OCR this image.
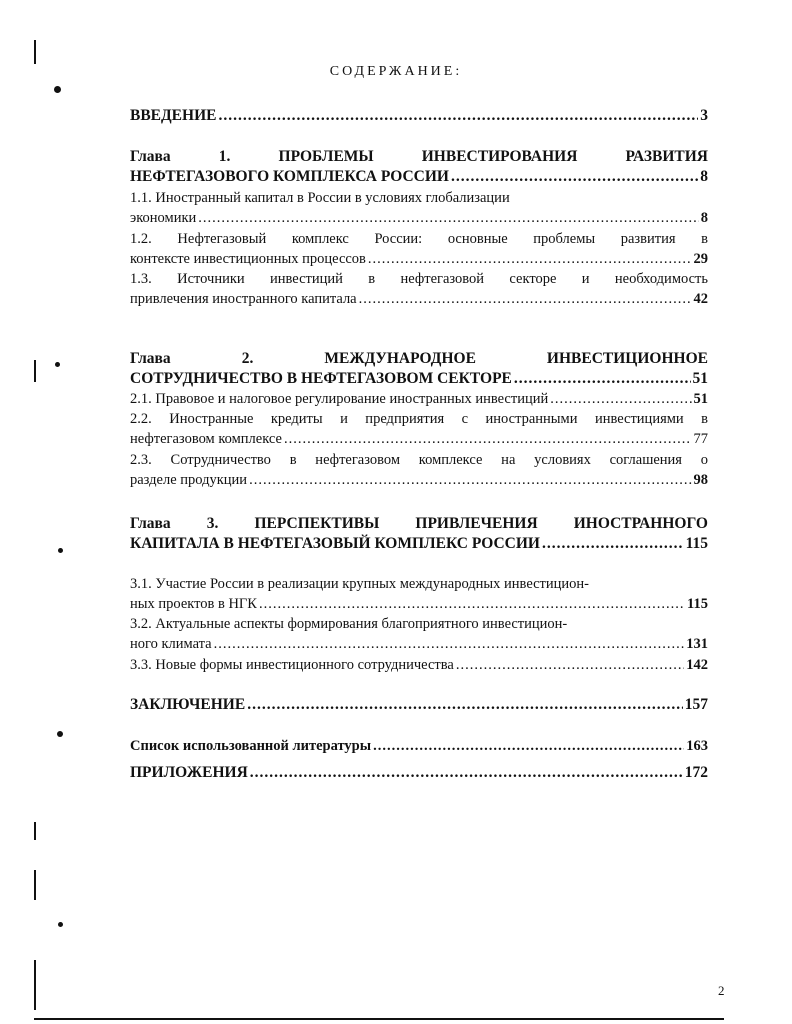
СОДЕРЖАНИЕ:
ВВЕДЕНИЕ .....	3
Глава 1. ПРОБЛЕМЫ ИНВЕСТИРОВАНИЯ РАЗВИТИЯ
НЕФТЕГАЗОВОГО КОМПЛЕКСА РОССИИ .....	8
1.1. Иностранный капитал в России в условиях глобализации
экономики .....	8
1.2. Нефтегазовый комплекс России: основные проблемы развития в
контексте инвестиционных процессов .....	29
1.3. Источники инвестиций в нефтегазовой секторе и необходимость
привлечения иностранного капитала .....	42
Глава 2. МЕЖДУНАРОДНОЕ ИНВЕСТИЦИОННОЕ
СОТРУДНИЧЕСТВО В НЕФТЕГАЗОВОМ СЕКТОРЕ .....	51
2.1. Правовое и налоговое регулирование иностранных инвестиций .....	51
2.2. Иностранные кредиты и предприятия с иностранными инвестициями в
нефтегазовом комплексе .....	77
2.3. Сотрудничество в нефтегазовом комплексе на условиях соглашения о
разделе продукции .....	98
Глава 3. ПЕРСПЕКТИВЫ ПРИВЛЕЧЕНИЯ ИНОСТРАННОГО
КАПИТАЛА В НЕФТЕГАЗОВЫЙ КОМПЛЕКС РОССИИ .....	115
3.1. Участие России в реализации крупных международных инвестицион-
ных проектов в НГК .....	115
3.2. Актуальные аспекты формирования благоприятного инвестицион-
ного климата .....	131
3.3. Новые формы инвестиционного сотрудничества .....	142
ЗАКЛЮЧЕНИЕ .....	157
Список использованной литературы .....	163
ПРИЛОЖЕНИЯ .....	172
2
